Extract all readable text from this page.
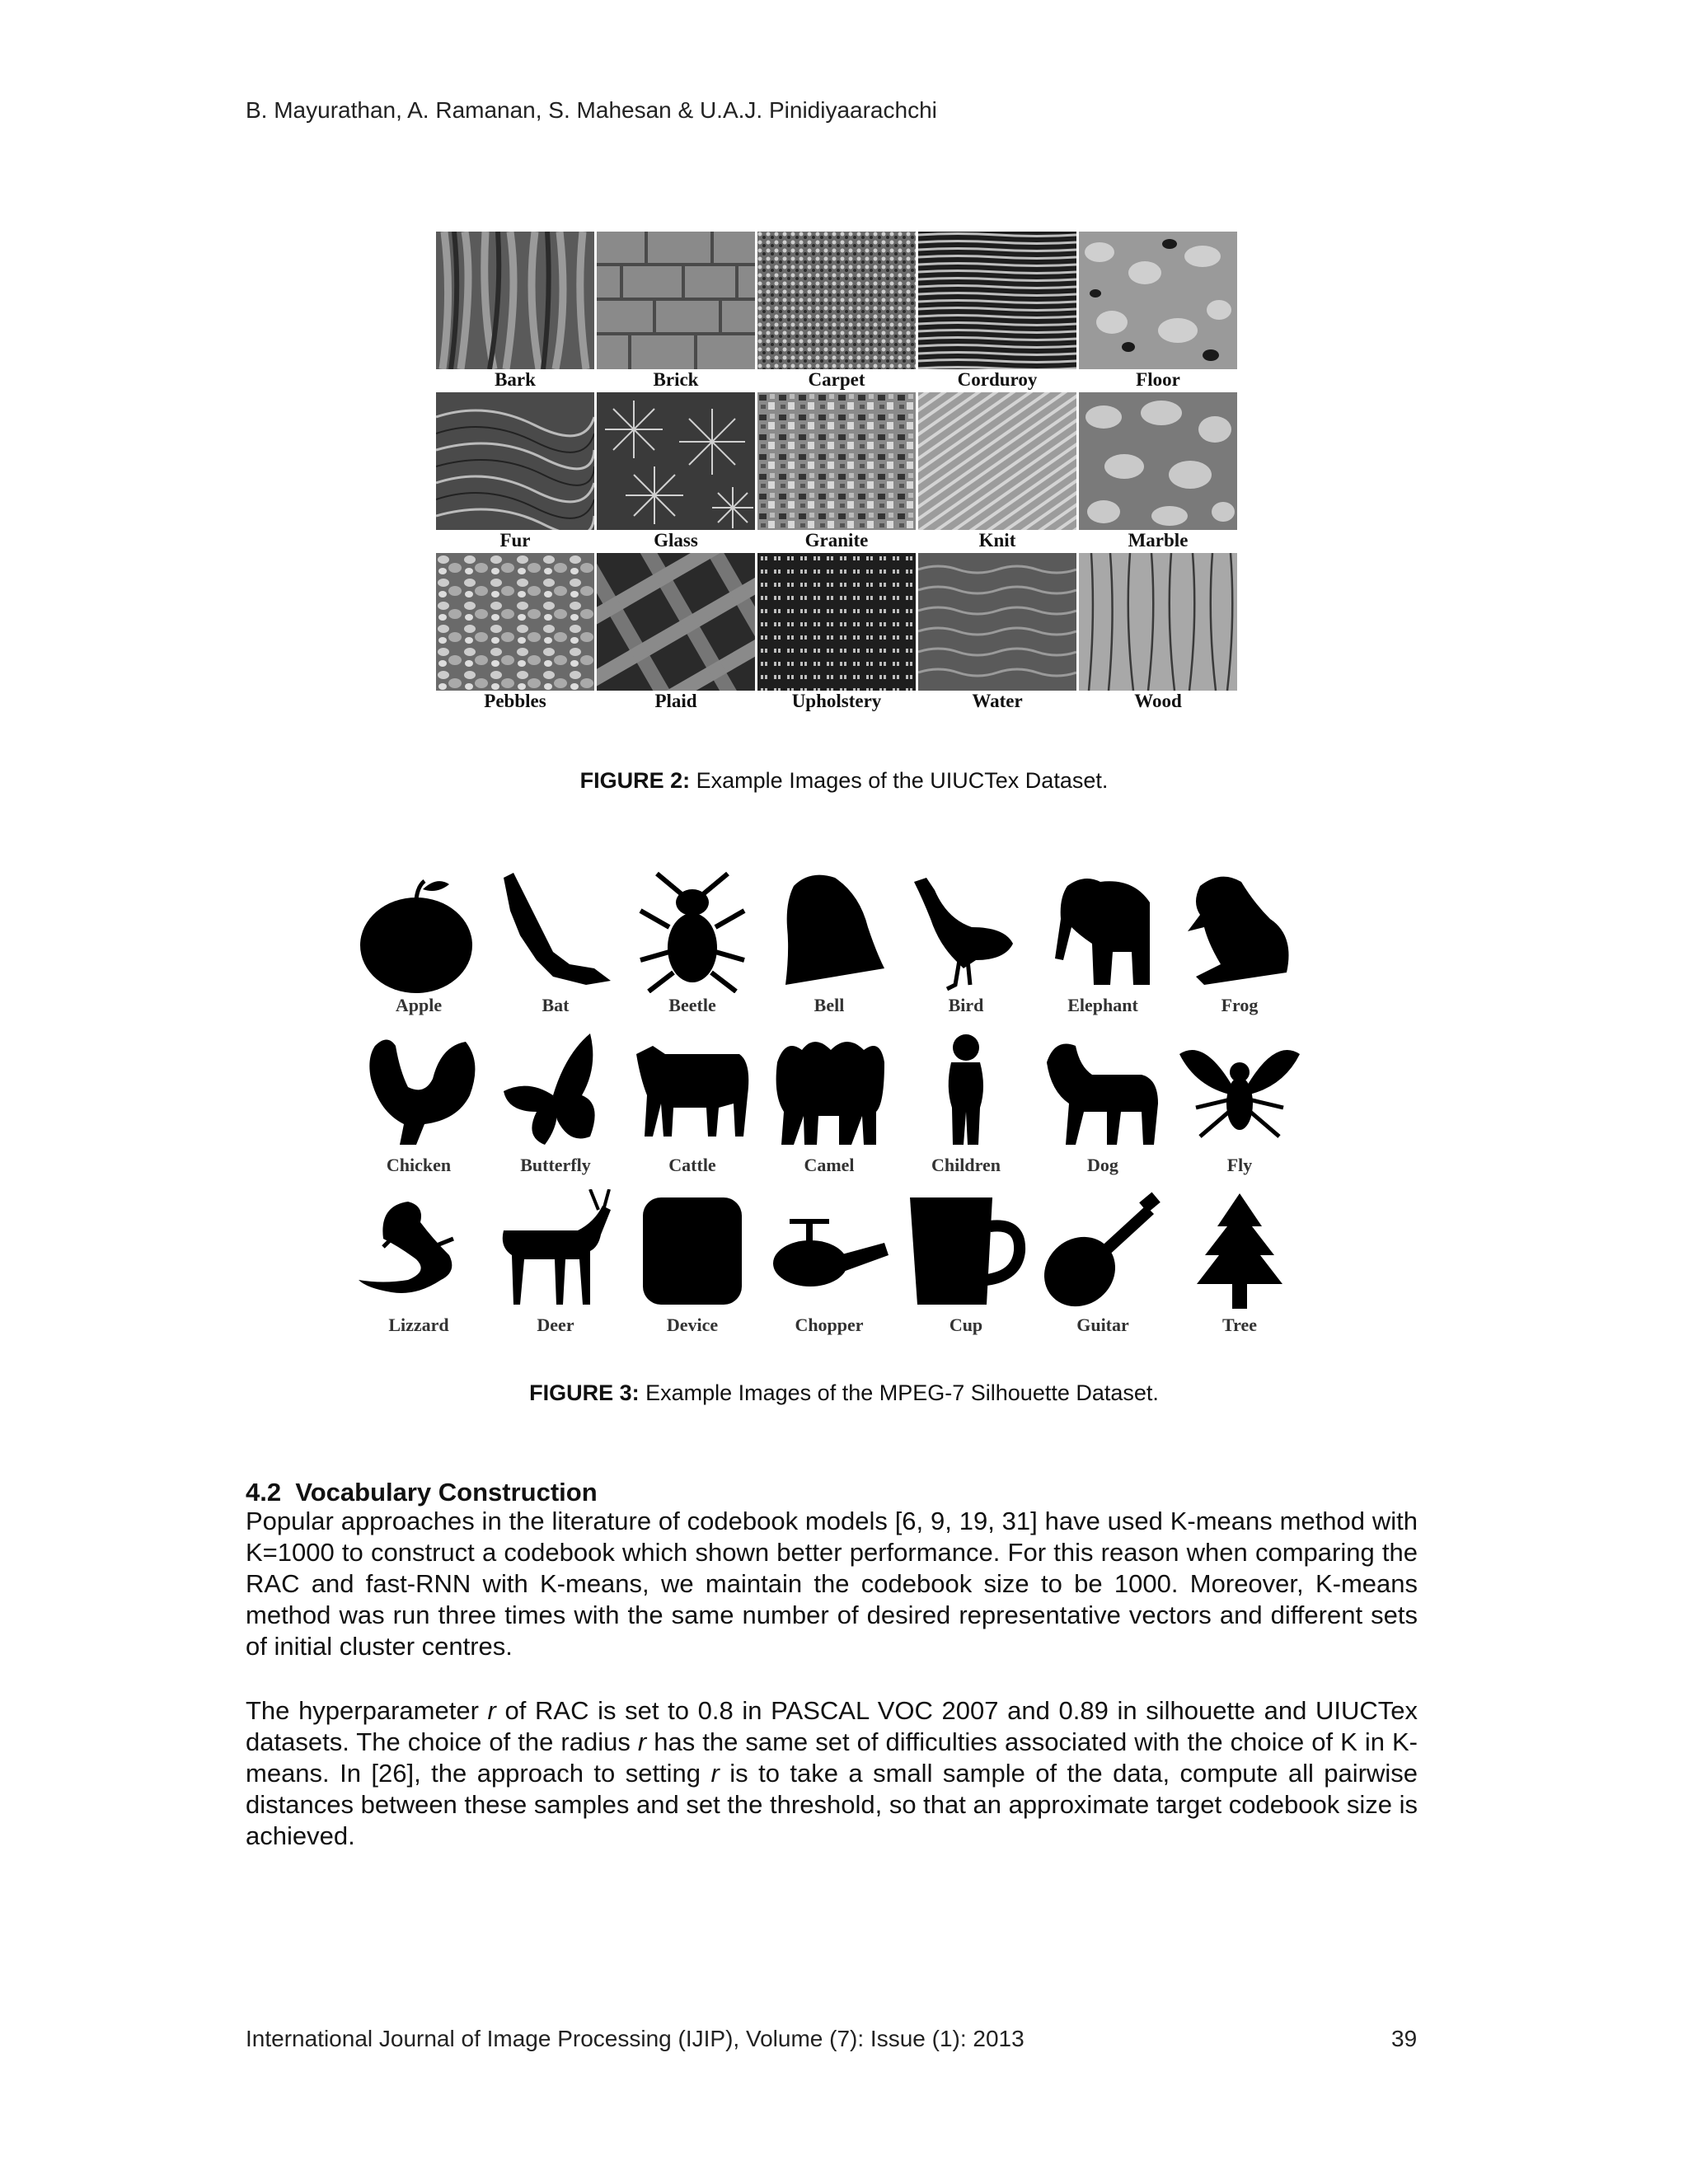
B. Mayurathan, A. Ramanan, S. Mahesan & U.A.J. Pinidiyaarachchi
Bark	Brick	Carpet	Corduroy	Floor
Fur	Glass	Granite	Knit	Marble
Pebbles	Plaid	Upholstery	Water	Wood
FIGURE 2: Example Images of the UIUCTex Dataset.
Apple	Bat	Beetle	Bell	Bird	Elephant	Frog
Chicken	Butterfly	Cattle	Camel	Children	Dog	Fly
Lizzard	Deer	Device	Chopper	Cup	Guitar	Tree
FIGURE 3: Example Images of the MPEG-7 Silhouette Dataset.
4.2 Vocabulary Construction

Popular approaches in the literature of codebook models [6, 9, 19, 31] have used K-means method with K=1000 to construct a codebook which shown better performance. For this reason when comparing the RAC and fast-RNN with K-means, we maintain the codebook size to be 1000. Moreover, K-means method was run three times with the same number of desired representative vectors and different sets of initial cluster centres.

The hyperparameter r of RAC is set to 0.8 in PASCAL VOC 2007 and 0.89 in silhouette and UIUCTex datasets. The choice of the radius r has the same set of difficulties associated with the choice of K in K-means. In [26], the approach to setting r is to take a small sample of the data, compute all pairwise distances between these samples and set the threshold, so that an approximate target codebook size is achieved.

International Journal of Image Processing (IJIP), Volume (7): Issue (1): 2013	39
